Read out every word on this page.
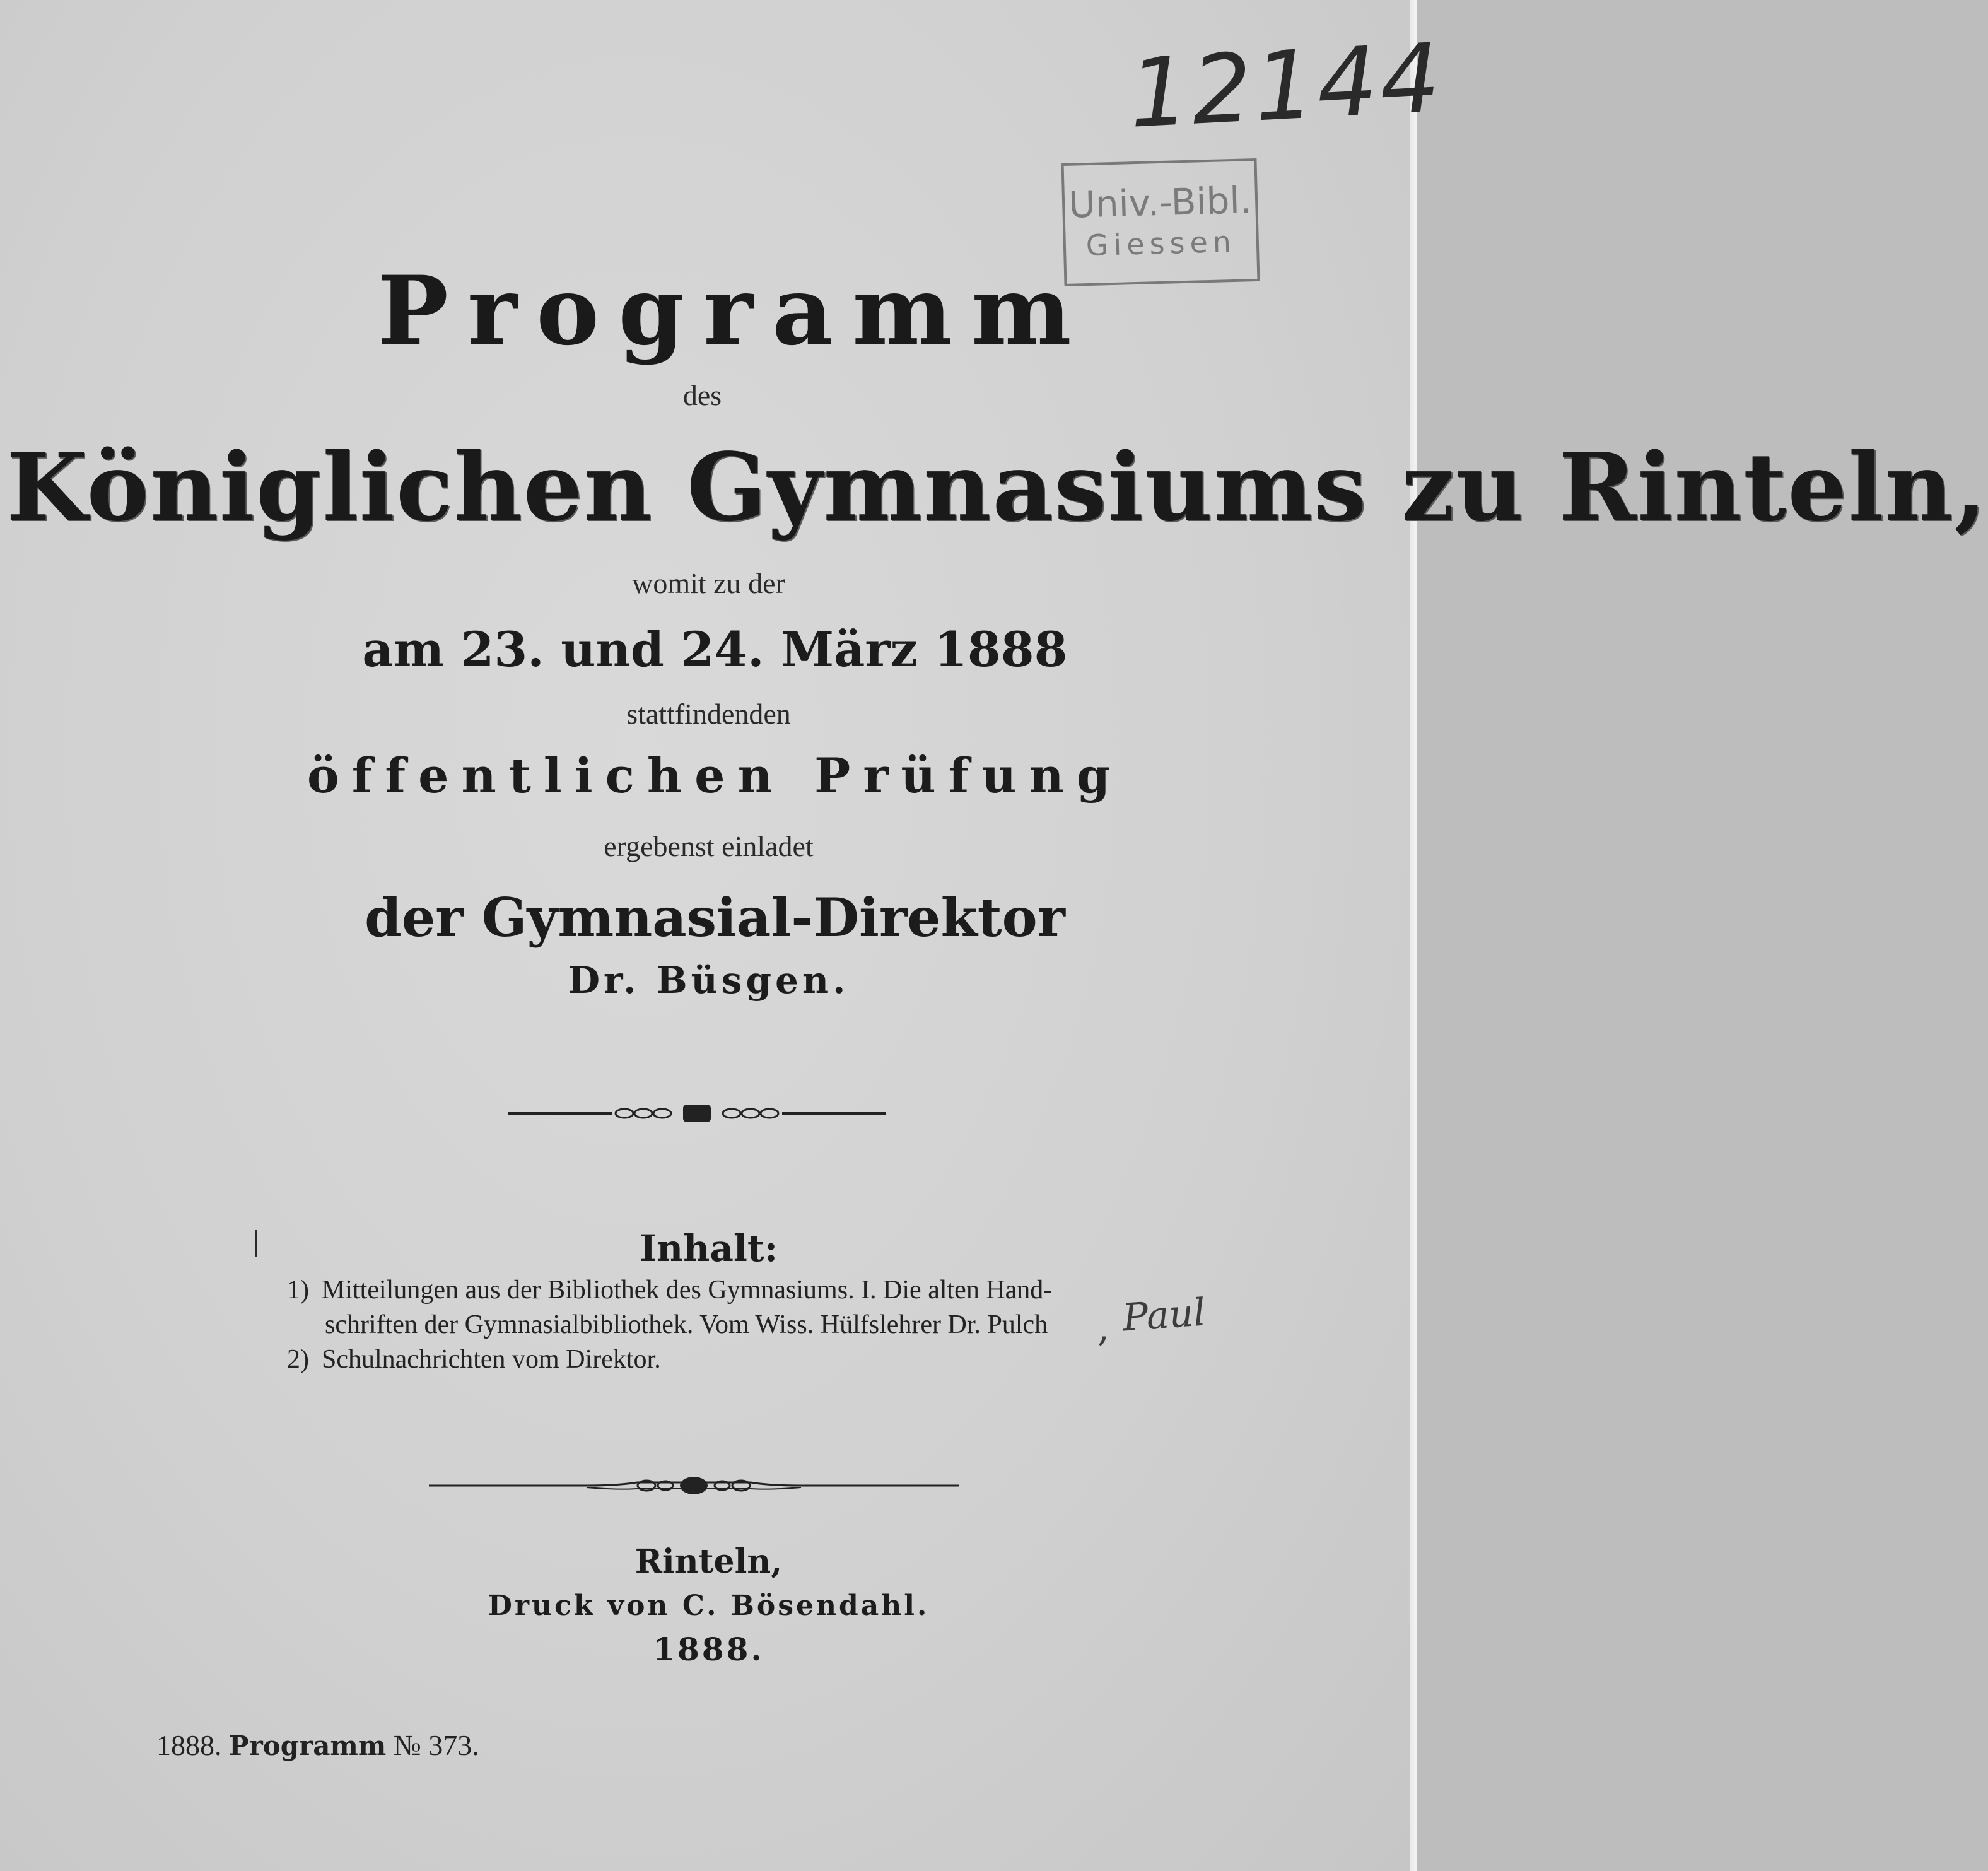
12144
Univ.-Bibl.
Giessen
Programm
des
Königlichen Gymnasiums zu Rinteln,
womit zu der
am 23. und 24. März 1888
stattfindenden
öffentlichen Prüfung
ergebenst einladet
der Gymnasial-Direktor
Dr. Büsgen.
Inhalt:
1) Mitteilungen aus der Bibliothek des Gymnasiums. I. Die alten Hand-
schriften der Gymnasialbibliothek. Vom Wiss. Hülfslehrer Dr. Pulch
2) Schulnachrichten vom Direktor.
, Paul
Rinteln,
Druck von C. Bösendahl.
1888.
1888. Programm № 373.
